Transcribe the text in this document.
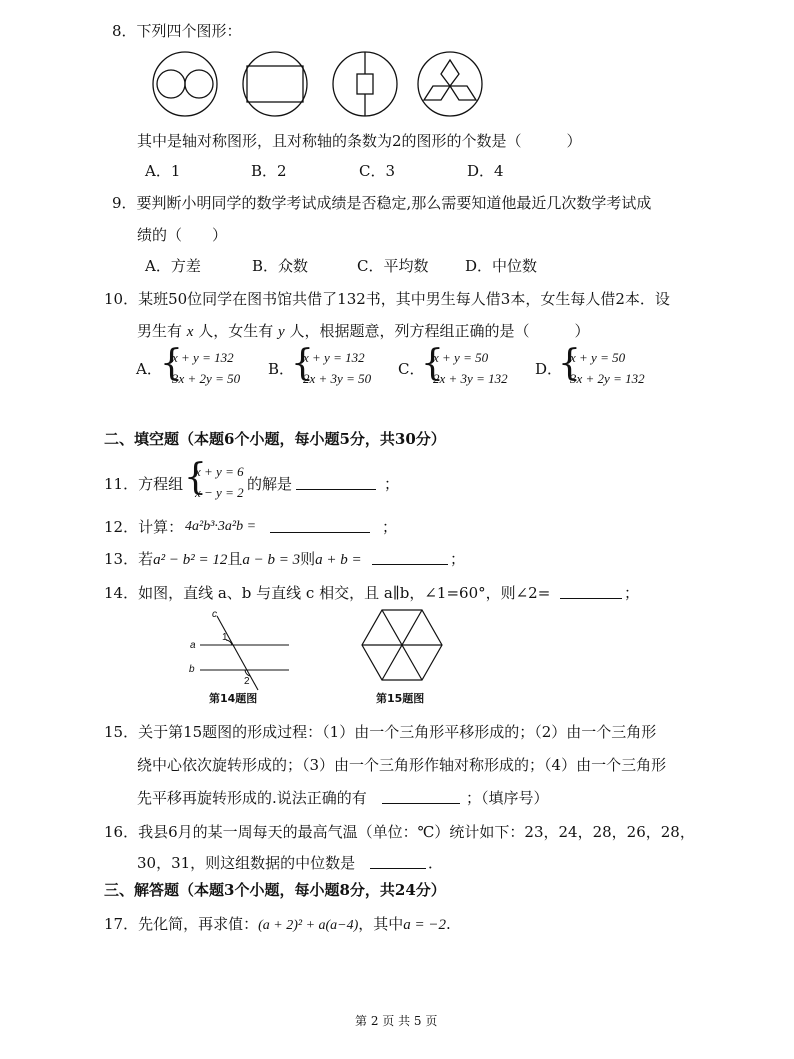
8．下列四个图形：
其中是轴对称图形，且对称轴的条数为2的图形的个数是（　　　）
A．1	B．2	C．3	D．4
9．要判断小明同学的数学考试成绩是否稳定,那么需要知道他最近几次数学考试成
绩的（　　）
A．方差	B．众数	C．平均数 D．中位数
10．某班50位同学在图书馆共借了132书，其中男生每人借3本，女生每人借2本．设
男生有 x 人，女生有 y 人，根据题意，列方程组正确的是（　　　）
A．
{
x + y = 132
3x + 2y = 50
B．
{
x + y = 132
2x + 3y = 50
C．
{
x + y = 50
2x + 3y = 132
D．
{
x + y = 50
3x + 2y = 132
二、填空题（本题6个小题，每小题5分，共30分）
11．方程组 {
x + y = 6
x − y = 2 的解是	；
12．计算： 4a²b³·3a²b =	；
13．若a² − b² = 12且a − b = 3则a + b =	；
14．如图，直线 a、b 与直线 c 相交，且 a∥b，∠1=60°，则∠2=	；
c
1
a
b
2
第14题图	第15题图
15．关于第15题图的形成过程：（1）由一个三角形平移形成的；（2）由一个三角形
绕中心依次旋转形成的；（3）由一个三角形作轴对称形成的；（4）由一个三角形
先平移再旋转形成的.说法正确的有	；（填序号）
16．我县6月的某一周每天的最高气温（单位：℃）统计如下：23，24，28，26，28，
30，31，则这组数据的中位数是	．
三、解答题（本题3个小题，每小题8分，共24分）
17．先化简，再求值：(a + 2)² + a(a−4)，其中a = −2.
第 2 页 共 5 页
